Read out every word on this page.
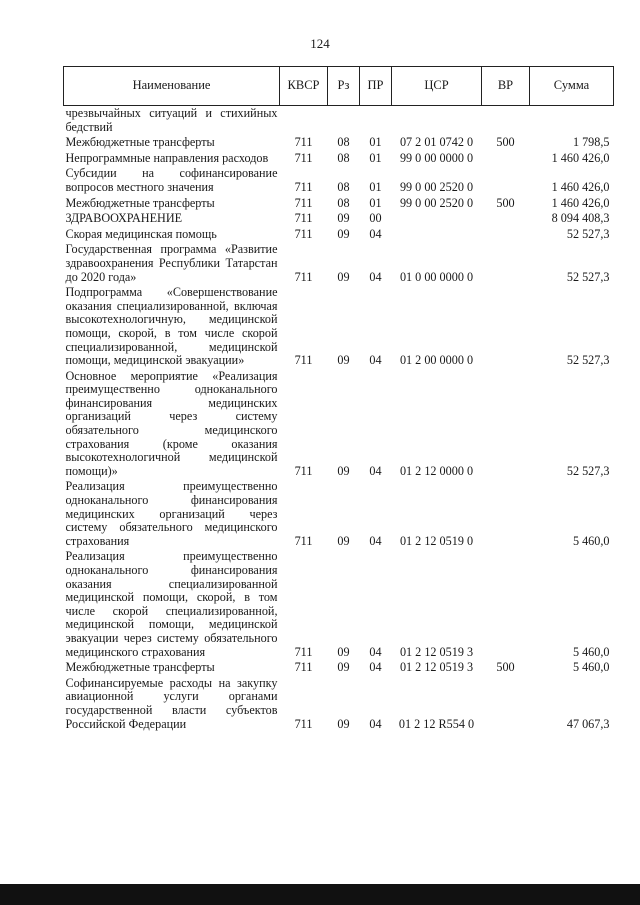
124
Наименование	КВСР	Рз	ПР	ЦСР	ВР	Сумма
чрезвычайных ситуаций и стихийных бедствий						
Межбюджетные трансферты	711	08	01	07 2 01 0742 0	500	1 798,5
Непрограммные направления расходов	711	08	01	99 0 00 0000 0		1 460 426,0
Субсидии на софинансирование вопросов местного значения	711	08	01	99 0 00 2520 0		1 460 426,0
Межбюджетные трансферты	711	08	01	99 0 00 2520 0	500	1 460 426,0
ЗДРАВООХРАНЕНИЕ	711	09	00			8 094 408,3
Скорая медицинская помощь	711	09	04			52 527,3
Государственная программа «Развитие здравоохранения Республики Татарстан до 2020 года»	711	09	04	01 0 00 0000 0		52 527,3
Подпрограмма «Совершенствование оказания специализированной, включая высокотехнологичную, медицинской помощи, скорой, в том числе скорой специализированной, медицинской помощи, медицинской эвакуации»	711	09	04	01 2 00 0000 0		52 527,3
Основное мероприятие «Реализация преимущественно одноканального финансирования медицинских организаций через систему обязательного медицинского страхования (кроме оказания высокотехнологичной медицинской помощи)»	711	09	04	01 2 12 0000 0		52 527,3
Реализация преимущественно одноканального финансирования медицинских организаций через систему обязательного медицинского страхования	711	09	04	01 2 12 0519 0		5 460,0
Реализация преимущественно одноканального финансирования оказания специализированной медицинской помощи, скорой, в том числе скорой специализированной, медицинской помощи, медицинской эвакуации через систему обязательного медицинского страхования	711	09	04	01 2 12 0519 3		5 460,0
Межбюджетные трансферты	711	09	04	01 2 12 0519 3	500	5 460,0
Софинансируемые расходы на закупку авиационной услуги органами государственной власти субъектов Российской Федерации	711	09	04	01 2 12 R554 0		47 067,3
